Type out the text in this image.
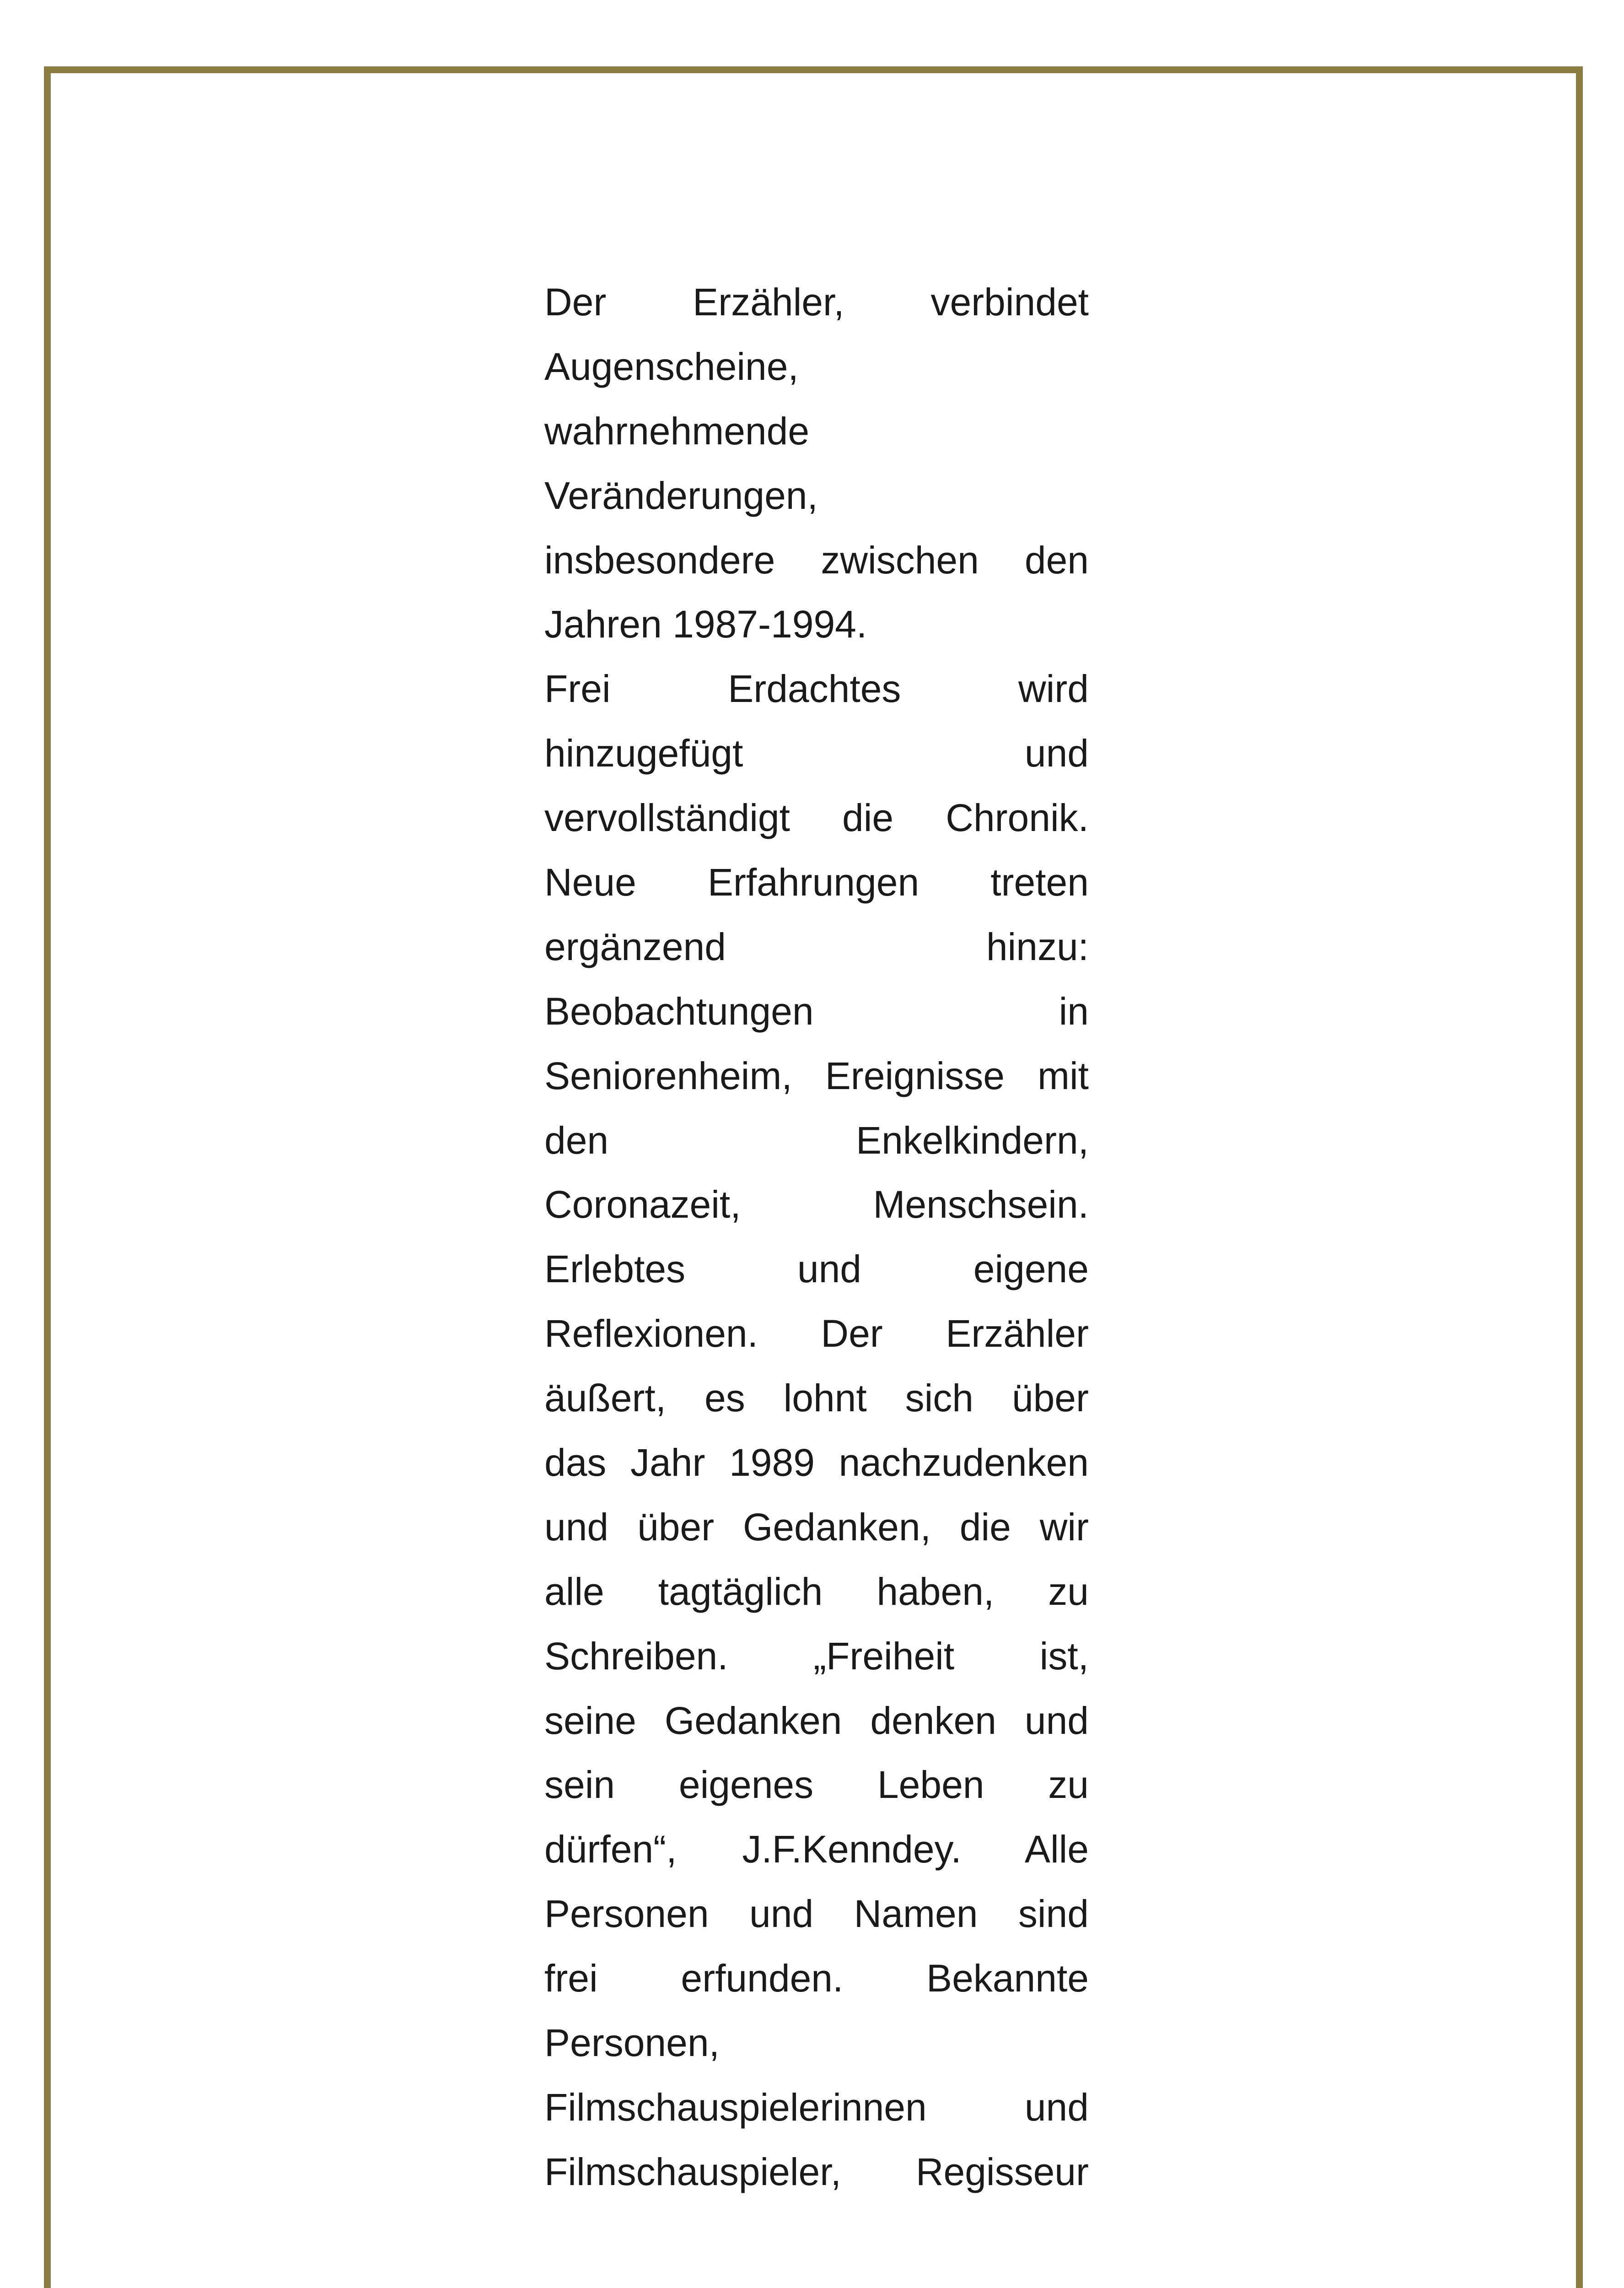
Der Erzähler, verbindet
Augenscheine,
wahrnehmende
Veränderungen,
insbesondere zwischen den
Jahren 1987-1994.
Frei Erdachtes wird
hinzugefügt und
vervollständigt die Chronik.
Neue Erfahrungen treten
ergänzend hinzu:
Beobachtungen in
Seniorenheim, Ereignisse mit
den Enkelkindern,
Coronazeit, Menschsein.
Erlebtes und eigene
Reflexionen. Der Erzähler
äußert, es lohnt sich über
das Jahr 1989 nachzudenken
und über Gedanken, die wir
alle tagtäglich haben, zu
Schreiben. „Freiheit ist,
seine Gedanken denken und
sein eigenes Leben zu
dürfen“, J.F.Kenndey. Alle
Personen und Namen sind
frei erfunden. Bekannte
Personen,
Filmschauspielerinnen und
Filmschauspieler, Regisseur
